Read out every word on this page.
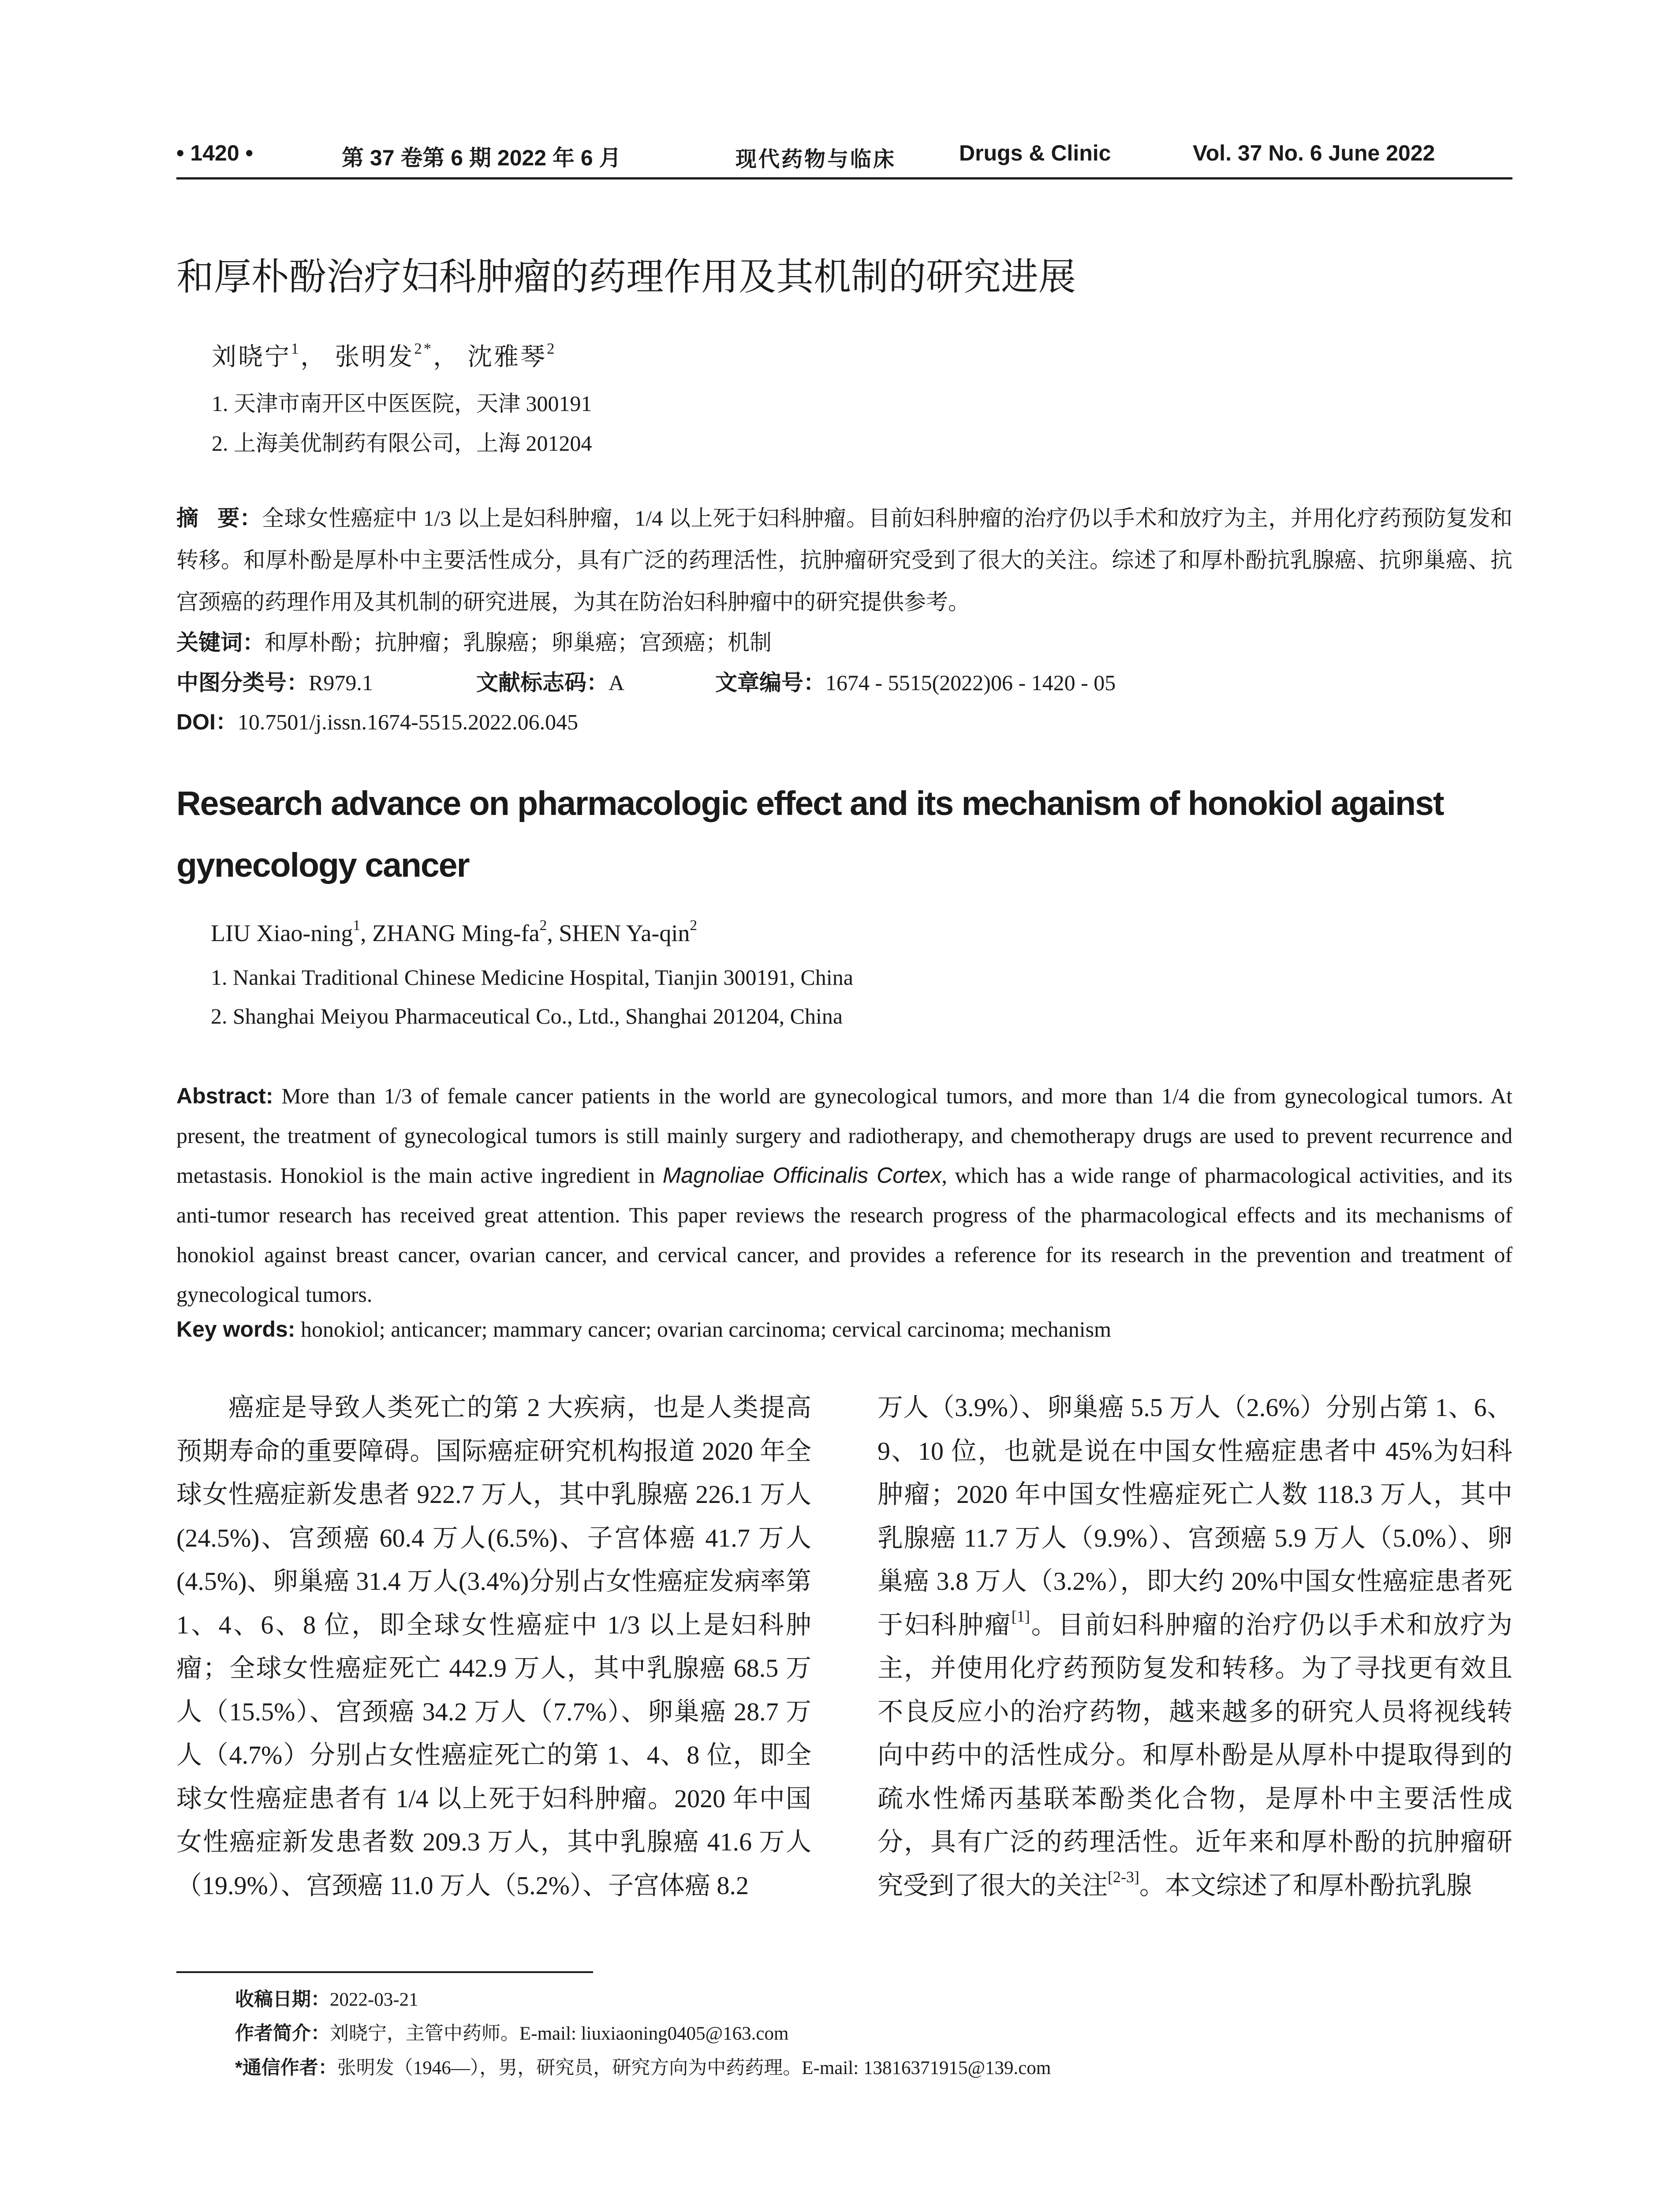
• 1420 •	第 37 卷第 6 期 2022 年 6 月	现代药物与临床	Drugs & Clinic	Vol. 37 No. 6 June 2022
和厚朴酚治疗妇科肿瘤的药理作用及其机制的研究进展
刘晓宁$^1$， 张明发$^{2*}$， 沈雅琴$^2$
1. 天津市南开区中医医院，天津 300191
2. 上海美优制药有限公司，上海 201204

摘   要：全球女性癌症中 1/3 以上是妇科肿瘤，1/4 以上死于妇科肿瘤。目前妇科肿瘤的治疗仍以手术和放疗为主，并用化疗药预防复发和转移。和厚朴酚是厚朴中主要活性成分，具有广泛的药理活性，抗肿瘤研究受到了很大的关注。综述了和厚朴酚抗乳腺癌、抗卵巢癌、抗宫颈癌的药理作用及其机制的研究进展，为其在防治妇科肿瘤中的研究提供参考。

关键词：和厚朴酚；抗肿瘤；乳腺癌；卵巢癌；宫颈癌；机制
中图分类号：R979.1	文献标志码：A	文章编号：1674 - 5515(2022)06 - 1420 - 05
DOI：10.7501/j.issn.1674-5515.2022.06.045

Research advance on pharmacologic effect and its mechanism of honokiol against gynecology cancer

LIU Xiao-ning$^1$, ZHANG Ming-$fa^2$, SHEN Ya-qin$^2$
1. Nankai Traditional Chinese Medicine Hospital, Tianjin 300191, China
2. Shanghai Meiyou Pharmaceutical Co., Ltd., Shanghai 201204, China

Abstract: More than 1/3 of female cancer patients in the world are gynecological tumors, and more than 1/4 die from gynecological tumors. At present, the treatment of gynecological tumors is still mainly surgery and radiotherapy, and chemotherapy drugs are used to prevent recurrence and metastasis. Honokiol is the main active ingredient in Magnoliae Officinalis Cortex, which has a wide range of pharmacological activities, and its anti-tumor research has received great attention. This paper reviews the research progress of the pharmacological effects and its mechanisms of honokiol against breast cancer, ovarian cancer, and cervical cancer, and provides a reference for its research in the prevention and treatment of gynecological tumors.

Key words: honokiol; anticancer; mammary cancer; ovarian carcinoma; cervical carcinoma; mechanism

癌症是导致人类死亡的第 2 大疾病，也是人类提高预期寿命的重要障碍。国际癌症研究机构报道 2020 年全球女性癌症新发患者 922.7 万人，其中乳腺癌 226.1 万人(24.5%)、宫颈癌 60.4 万人(6.5%)、子宫体癌 41.7 万人(4.5%)、卵巢癌 31.4 万人(3.4%)分别占女性癌症发病率第 1、4、6、8 位，即全球女性癌症中 1/3 以上是妇科肿瘤；全球女性癌症死亡 442.9 万人，其中乳腺癌 68.5 万人（15.5%）、宫颈癌 34.2 万人（7.7%）、卵巢癌 28.7 万人（4.7%）分别占女性癌症死亡的第 1、4、8 位，即全球女性癌症患者有 1/4 以上死于妇科肿瘤。2020 年中国女性癌症新发患者数 209.3 万人，其中乳腺癌 41.6 万人（19.9%）、宫颈癌 11.0 万人（5.2%）、子宫体癌 8.2

万人（3.9%）、卵巢癌 5.5 万人（2.6%）分别占第 1、6、9、10 位，也就是说在中国女性癌症患者中 45%为妇科肿瘤；2020 年中国女性癌症死亡人数 118.3 万人，其中乳腺癌 11.7 万人（9.9%）、宫颈癌 5.9 万人（5.0%）、卵巢癌 3.8 万人（3.2%），即大约 20%中国女性癌症患者死于妇科肿瘤[1]。目前妇科肿瘤的治疗仍以手术和放疗为主，并使用化疗药预防复发和转移。为了寻找更有效且不良反应小的治疗药物，越来越多的研究人员将视线转向中药中的活性成分。和厚朴酚是从厚朴中提取得到的疏水性烯丙基联苯酚类化合物，是厚朴中主要活性成分，具有广泛的药理活性。近年来和厚朴酚的抗肿瘤研究受到了很大的关注[2-3]。本文综述了和厚朴酚抗乳腺

收稿日期：2022-03-21
作者简介：刘晓宁，主管中药师。E-mail: liuxiaoning0405@163.com
*通信作者：张明发（1946—），男，研究员，研究方向为中药药理。E-mail: 13816371915@139.com
